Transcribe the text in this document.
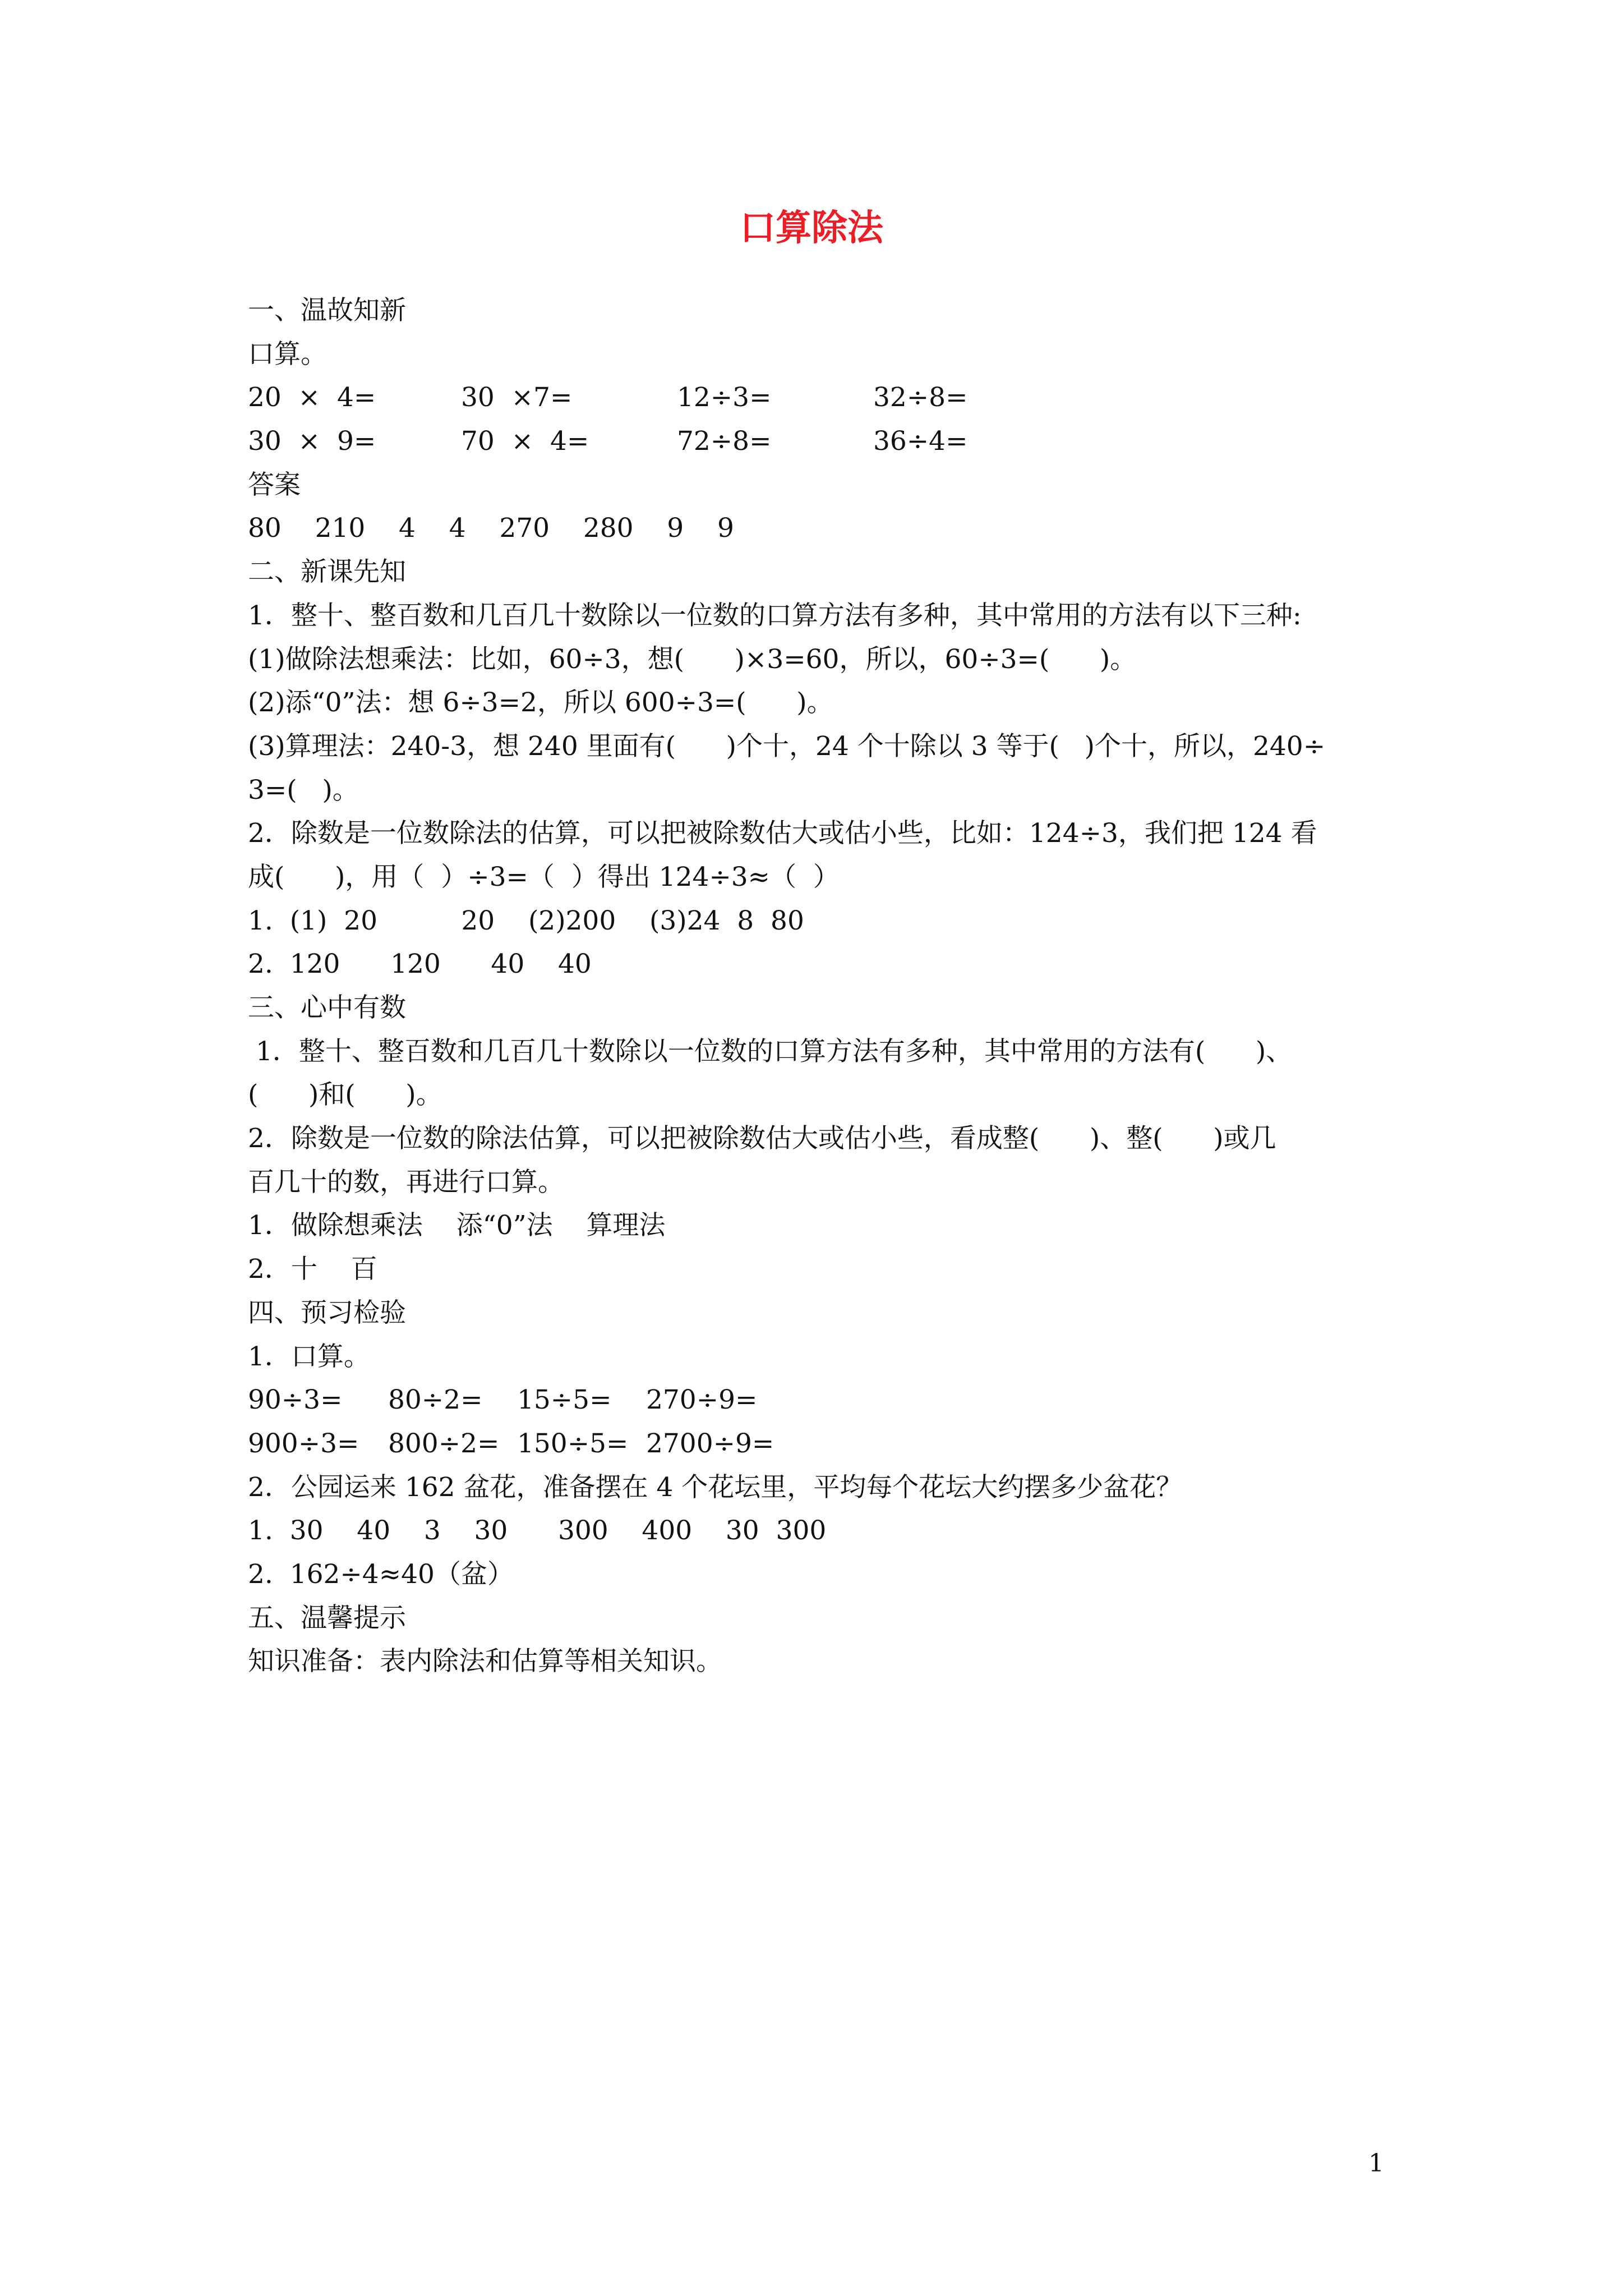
口算除法
一、温故知新
口算。
20  ×  4=	30  ×7=	12÷3=	32÷8=
30  ×  9=	70  ×  4=	72÷8=	36÷4=
答案
80    210    4    4    270    280    9    9
二、新课先知
1．整十、整百数和几百几十数除以一位数的口算方法有多种，其中常用的方法有以下三种:
(1)做除法想乘法：比如，60÷3，想(      )×3=60，所以，60÷3=(      )。
(2)添“0”法：想 6÷3=2，所以 600÷3=(      )。
(3)算理法：240-3，想 240 里面有(      )个十，24 个十除以 3 等于(   )个十，所以，240÷
3=(   )。
2．除数是一位数除法的估算，可以把被除数估大或估小些，比如：124÷3，我们把 124 看
成(      )，用（  ）÷3=（  ）得出 124÷3≈（  ）
1.  (1)  20          20    (2)200    (3)24  8  80
2.  120      120      40    40
三、心中有数
1．整十、整百数和几百几十数除以一位数的口算方法有多种，其中常用的方法有(      )、
(      )和(      )。
2．除数是一位数的除法估算，可以把被除数估大或估小些，看成整(      )、整(      )或几
百几十的数，再进行口算。
1．做除想乘法    添“0”法    算理法
2．十    百
四、预习检验
1．口算。
90÷3=	80÷2=	15÷5=	270÷9=
900÷3=	800÷2= 150÷5= 2700÷9=
2．公园运来 162 盆花，准备摆在 4 个花坛里，平均每个花坛大约摆多少盆花？
1.  30    40    3    30      300    400    30  300
2.  162÷4≈40（盆）
五、温馨提示
知识准备：表内除法和估算等相关知识。
1
